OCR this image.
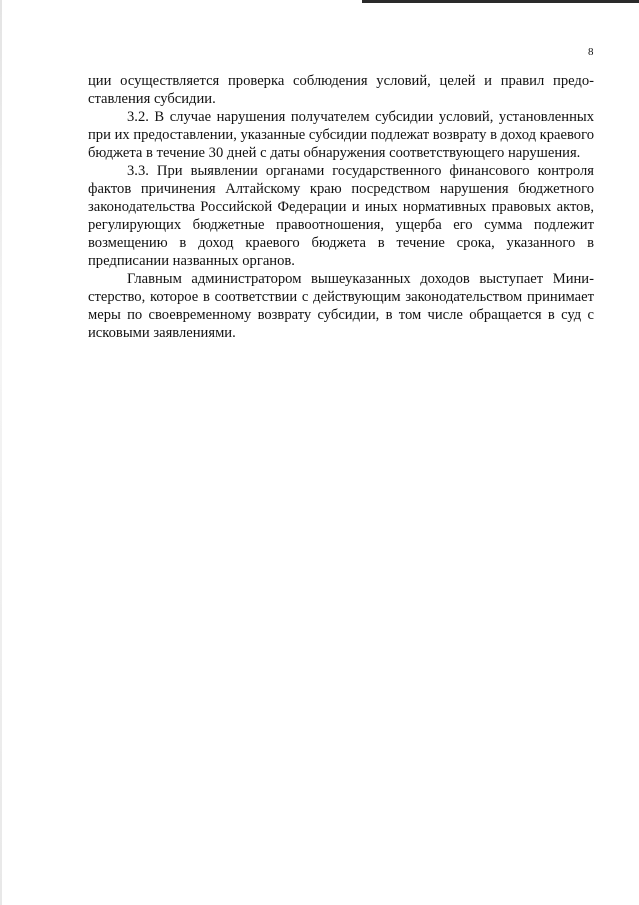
8

ции осуществляется проверка соблюдения условий, целей и правил предоставления субсидии.

3.2. В случае нарушения получателем субсидии условий, установленных при их предоставлении, указанные субсидии подлежат возврату в доход краевого бюджета в течение 30 дней с даты обнаружения соответствующего нарушения.

3.3. При выявлении органами государственного финансового контроля фактов причинения Алтайскому краю посредством нарушения бюджетного законодательства Российской Федерации и иных нормативных правовых актов, регулирующих бюджетные правоотношения, ущерба его сумма подлежит возмещению в доход краевого бюджета в течение срока, указанного в предписании названных органов.

Главным администратором вышеуказанных доходов выступает Министерство, которое в соответствии с действующим законодательством принимает меры по своевременному возврату субсидии, в том числе обращается в суд с исковыми заявлениями.
